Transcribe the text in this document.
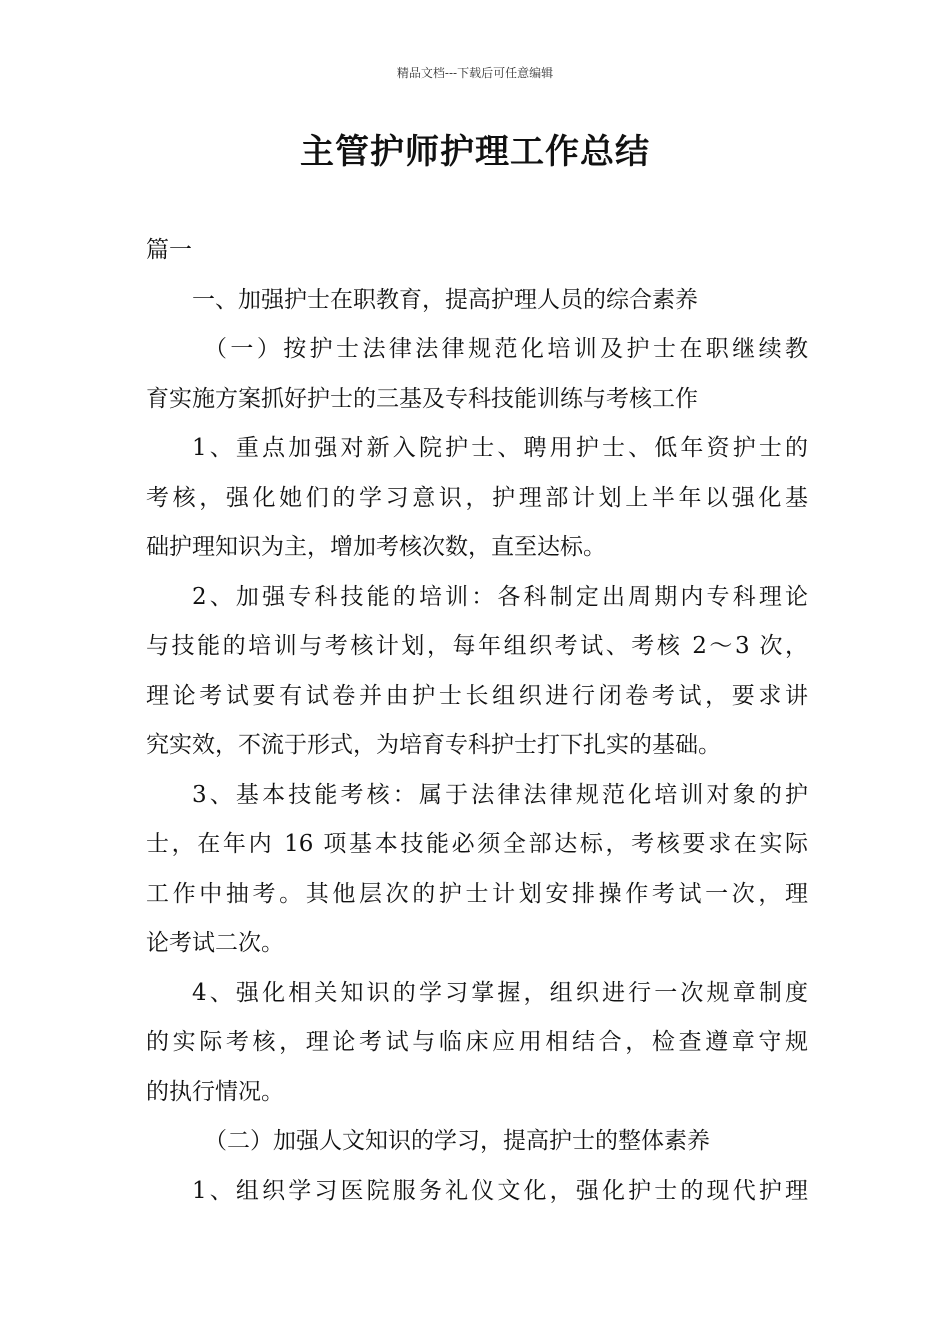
精品文档---下载后可任意编辑
主管护师护理工作总结
篇一
一、加强护士在职教育，提高护理人员的综合素养
（一）按护士法律法律规范化培训及护士在职继续教
育实施方案抓好护士的三基及专科技能训练与考核工作
1、重点加强对新入院护士、聘用护士、低年资护士的
考核，强化她们的学习意识，护理部计划上半年以强化基
础护理知识为主，增加考核次数，直至达标。
2、加强专科技能的培训：各科制定出周期内专科理论
与技能的培训与考核计划，每年组织考试、考核 2～3 次，
理论考试要有试卷并由护士长组织进行闭卷考试，要求讲
究实效，不流于形式，为培育专科护士打下扎实的基础。
3、基本技能考核：属于法律法律规范化培训对象的护
士，在年内 16 项基本技能必须全部达标，考核要求在实际
工作中抽考。其他层次的护士计划安排操作考试一次，理
论考试二次。
4、强化相关知识的学习掌握，组织进行一次规章制度
的实际考核，理论考试与临床应用相结合，检查遵章守规
的执行情况。
（二）加强人文知识的学习，提高护士的整体素养
1、组织学习医院服务礼仪文化，强化护士的现代护理
